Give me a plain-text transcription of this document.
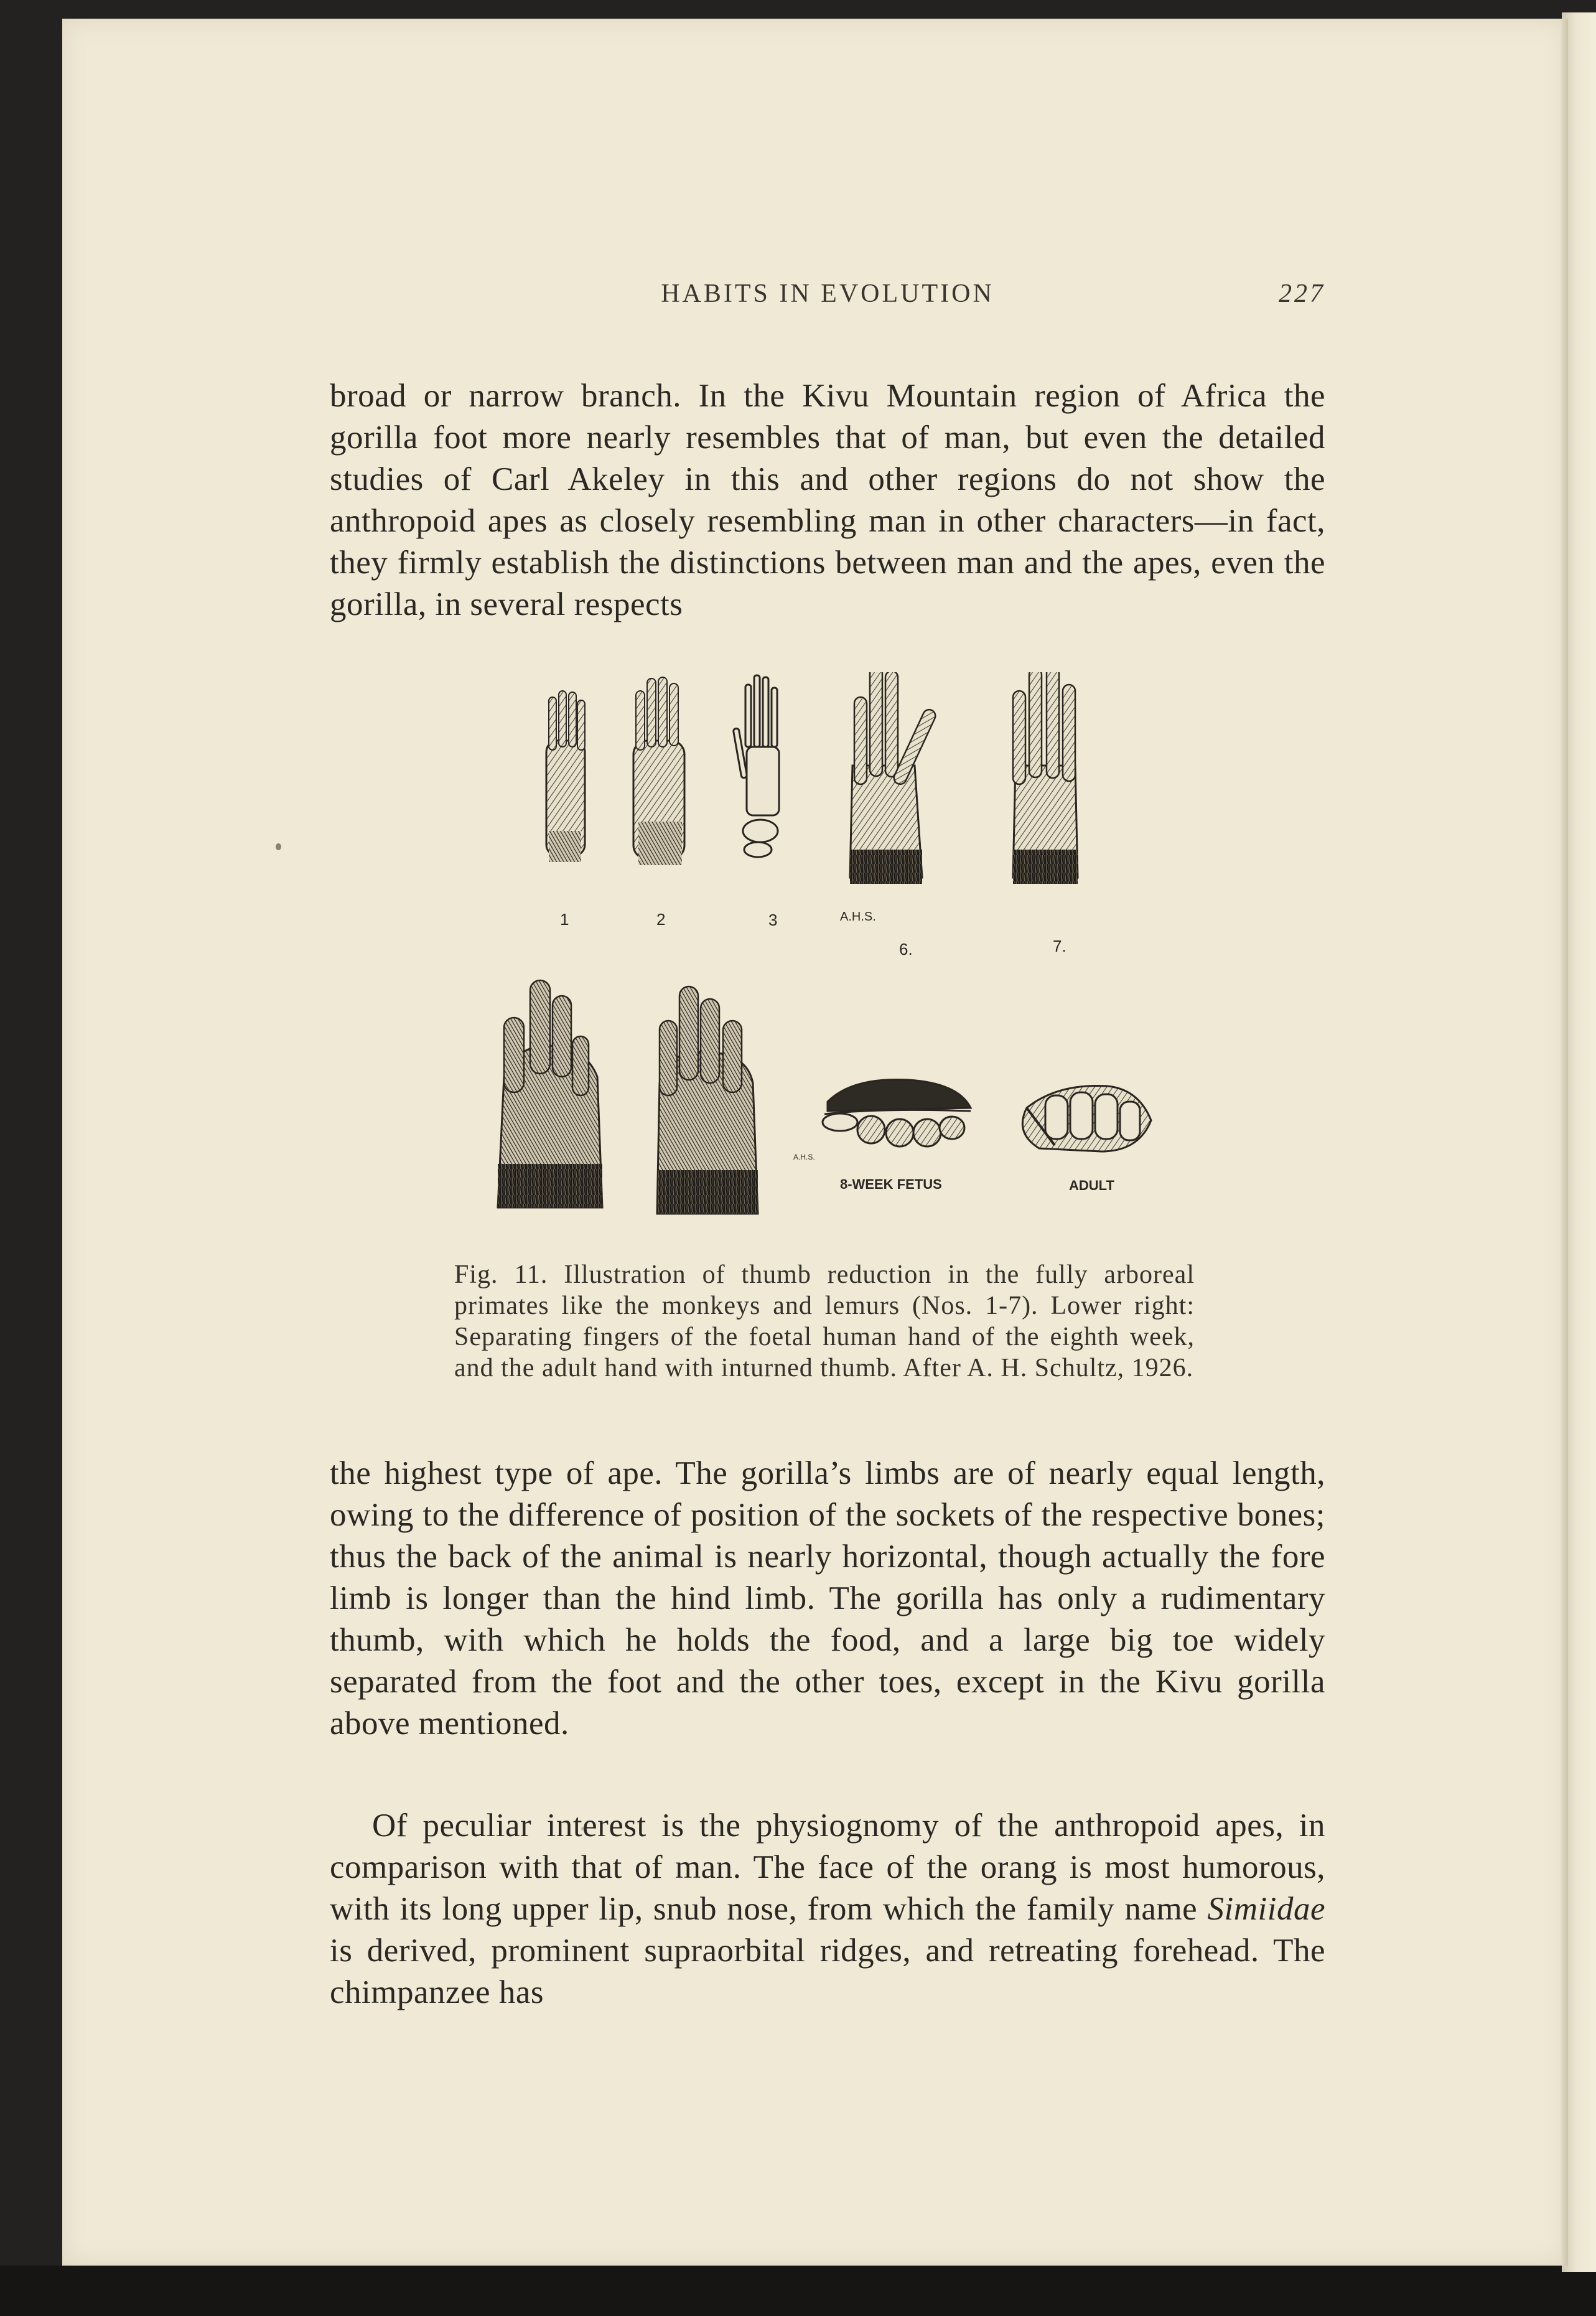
HABITS IN EVOLUTION	227

broad or narrow branch. In the Kivu Mountain region of Africa the gorilla foot more nearly resembles that of man, but even the detailed studies of Carl Akeley in this and other regions do not show the anthropoid apes as closely resembling man in other characters—in fact, they firmly establish the distinctions between man and the apes, even the gorilla, in several respects

1	2	3	A.H.S.
6.	7.
A.H.S.
8-WEEK FETUS	ADULT

Fig. 11. Illustration of thumb reduction in the fully arboreal primates like the monkeys and lemurs (Nos. 1-7). Lower right: Separating fingers of the foetal human hand of the eighth week, and the adult hand with inturned thumb. After A. H. Schultz, 1926.

the highest type of ape. The gorilla’s limbs are of nearly equal length, owing to the difference of position of the sockets of the respective bones; thus the back of the animal is nearly horizontal, though actually the fore limb is longer than the hind limb. The gorilla has only a rudimentary thumb, with which he holds the food, and a large big toe widely separated from the foot and the other toes, except in the Kivu gorilla above mentioned.

Of peculiar interest is the physiognomy of the anthropoid apes, in comparison with that of man. The face of the orang is most humorous, with its long upper lip, snub nose, from which the family name Simiidae is derived, prominent supraorbital ridges, and retreating forehead. The chimpanzee has
